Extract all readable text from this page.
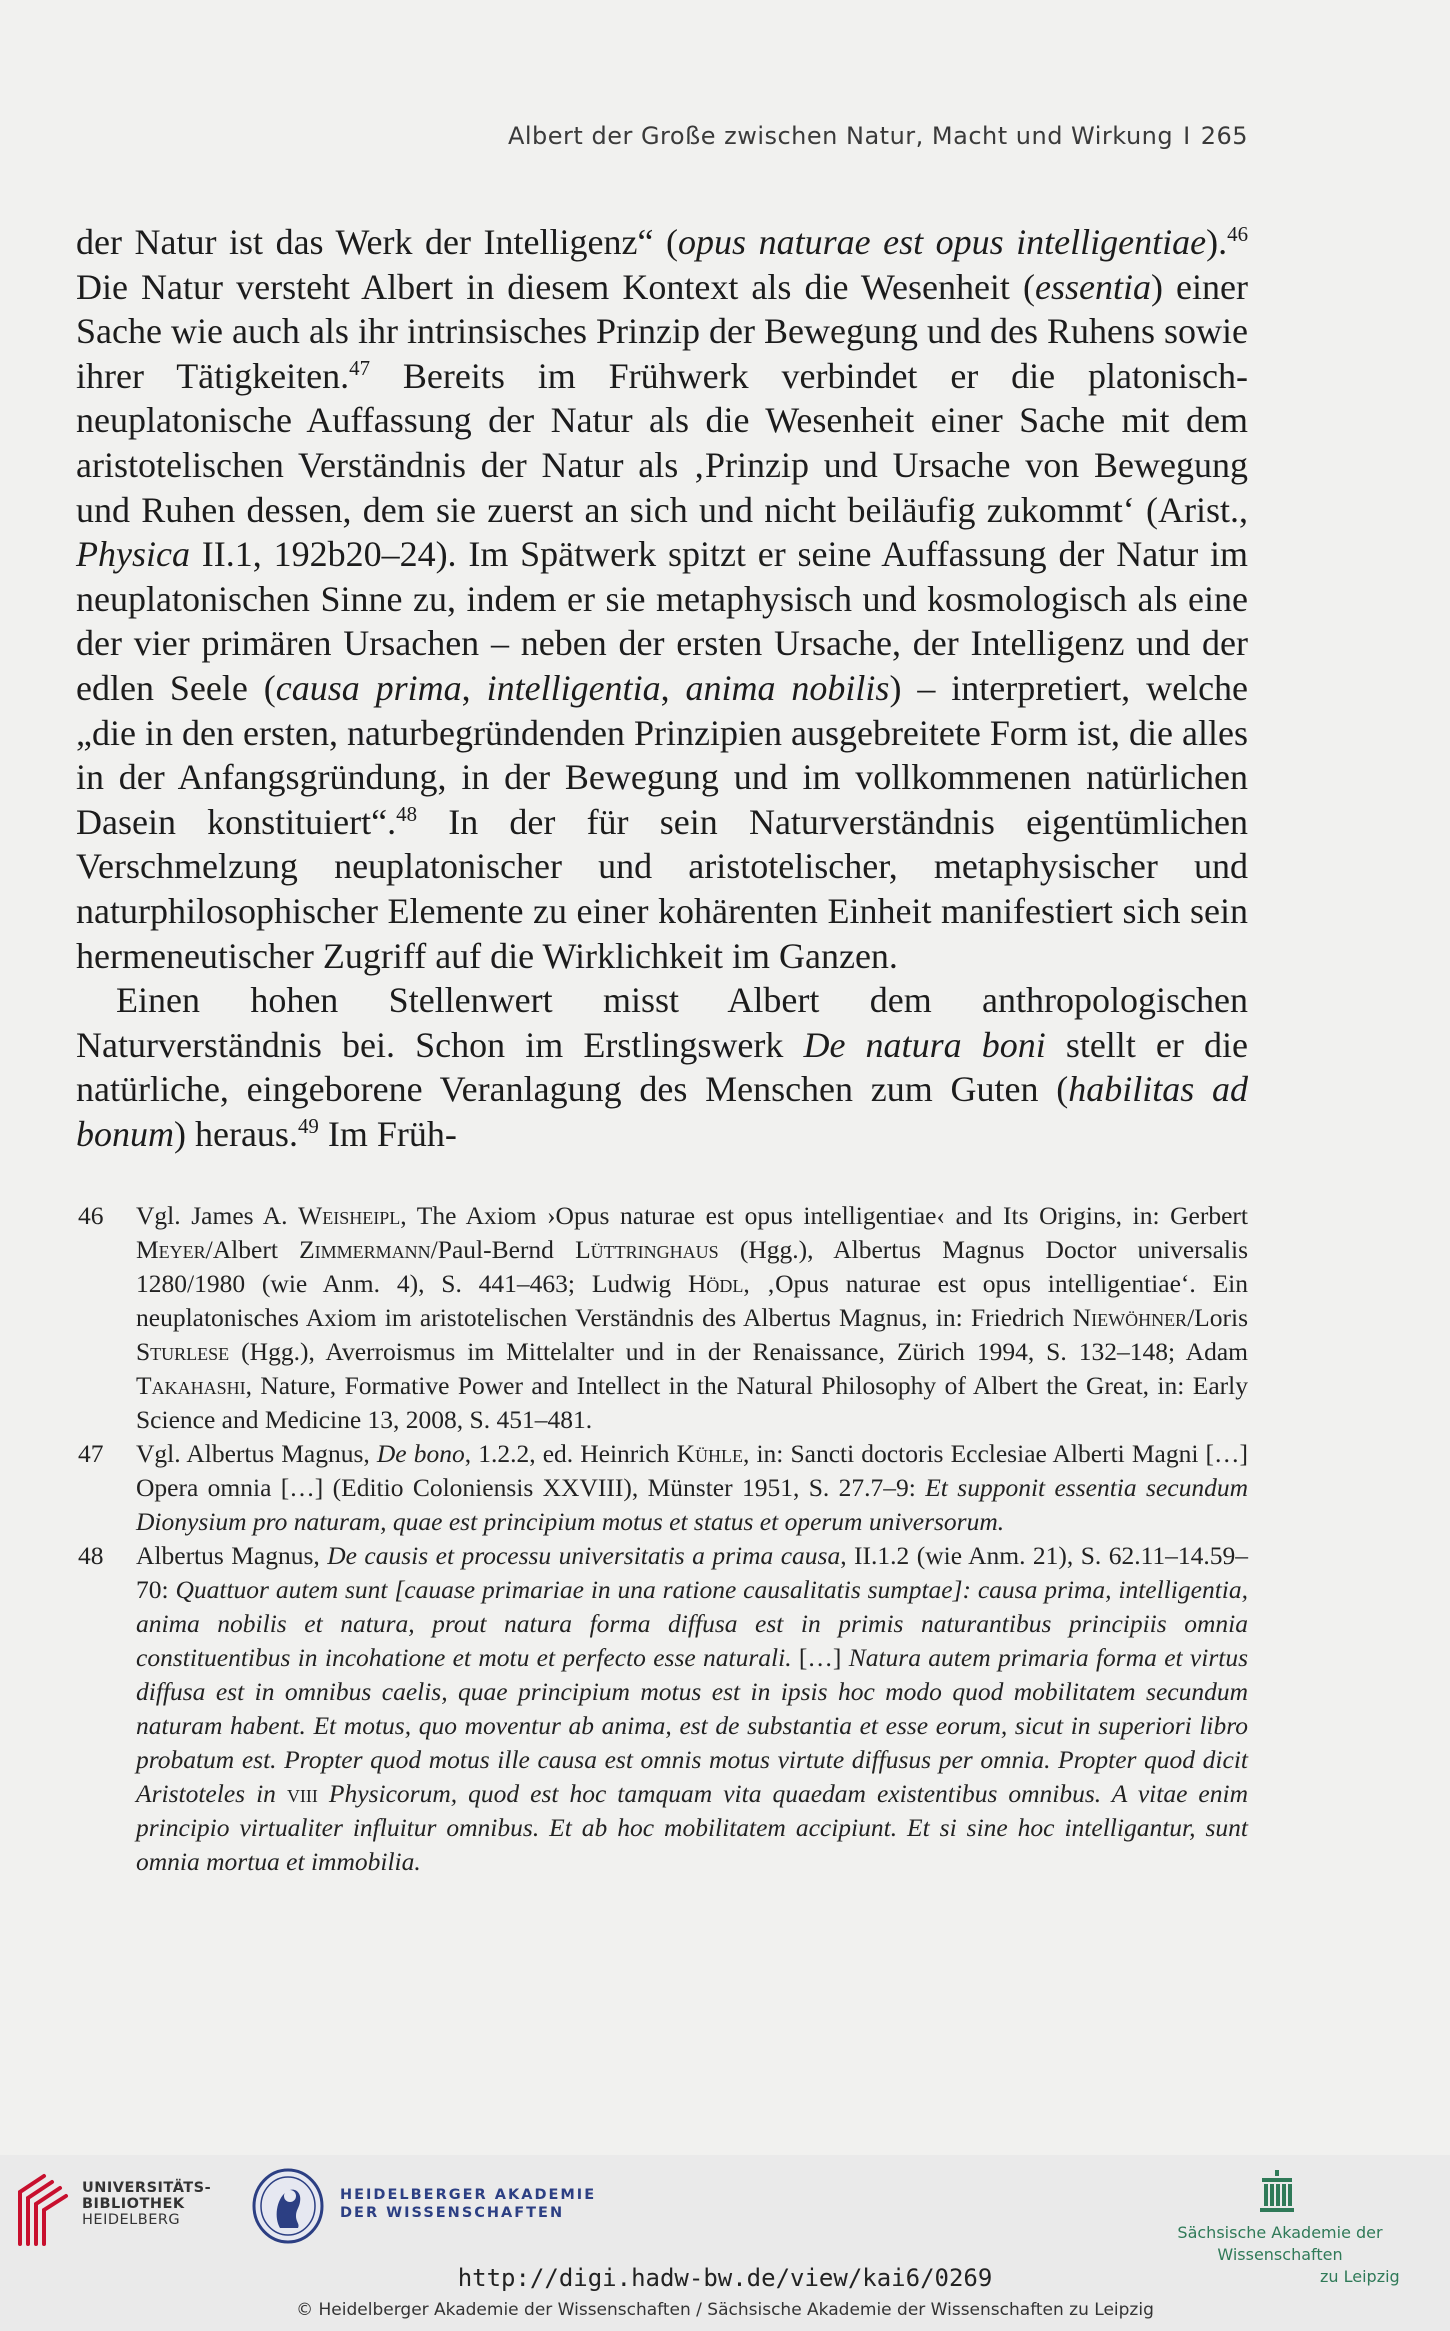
Albert der Große zwischen Natur, Macht und Wirkung I 265

der Natur ist das Werk der Intelligenz“ (opus naturae est opus intelligentiae).$^{46}$ Die Natur versteht Albert in diesem Kontext als die Wesenheit (essentia) einer Sache wie auch als ihr intrinsisches Prinzip der Bewegung und des Ruhens sowie ihrer Tätigkeiten.$^{47}$ Bereits im Frühwerk verbindet er die platonisch-neuplatonische Auffassung der Natur als die Wesenheit einer Sache mit dem aristotelischen Verständnis der Natur als ‚Prinzip und Ursache von Bewegung und Ruhen dessen, dem sie zuerst an sich und nicht beiläufig zukommt‘ (Arist., Physica II.1, 192b20–24). Im Spätwerk spitzt er seine Auffassung der Natur im neuplatonischen Sinne zu, indem er sie metaphysisch und kosmologisch als eine der vier primären Ursachen – neben der ersten Ursache, der Intelligenz und der edlen Seele (causa prima, intelligentia, anima nobilis) – interpretiert, welche „die in den ersten, naturbegründenden Prinzipien ausgebreitete Form ist, die alles in der Anfangsgründung, in der Bewegung und im vollkommenen natürlichen Dasein konstituiert“.$^{48}$ In der für sein Naturverständnis eigentümlichen Verschmelzung neuplatonischer und aristotelischer, metaphysischer und naturphilosophischer Elemente zu einer kohärenten Einheit manifestiert sich sein hermeneutischer Zugriff auf die Wirklichkeit im Ganzen.

Einen hohen Stellenwert misst Albert dem anthropologischen Naturverständnis bei. Schon im Erstlingswerk De natura boni stellt er die natürliche, eingeborene Veranlagung des Menschen zum Guten (habilitas ad bonum) heraus.$^{49}$ Im Früh-

46 Vgl. James A. Weisheipl, The Axiom ›Opus naturae est opus intelligentiae‹ and Its Origins, in: Gerbert Meyer/Albert Zimmermann/Paul-Bernd Lüttringhaus (Hgg.), Albertus Magnus Doctor universalis 1280/1980 (wie Anm. 4), S. 441–463; Ludwig Hödl, ‚Opus naturae est opus intelligentiae‘. Ein neuplatonisches Axiom im aristotelischen Verständnis des Albertus Magnus, in: Friedrich Niewöhner/Loris Sturlese (Hgg.), Averroismus im Mittelalter und in der Renaissance, Zürich 1994, S. 132–148; Adam Takahashi, Nature, Formative Power and Intellect in the Natural Philosophy of Albert the Great, in: Early Science and Medicine 13, 2008, S. 451–481.
47 Vgl. Albertus Magnus, De bono, 1.2.2, ed. Heinrich Kühle, in: Sancti doctoris Ecclesiae Alberti Magni […] Opera omnia […] (Editio Coloniensis XXVIII), Münster 1951, S. 27.7–9: Et supponit essentia secundum Dionysium pro naturam, quae est principium motus et status et operum universorum.
48 Albertus Magnus, De causis et processu universitatis a prima causa, II.1.2 (wie Anm. 21), S. 62.11–14.59–70: Quattuor autem sunt [cauase primariae in una ratione causalitatis sumptae]: causa prima, intelligentia, anima nobilis et natura, prout natura forma diffusa est in primis naturantibus principiis omnia constituentibus in incohatione et motu et perfecto esse naturali. […] Natura autem primaria forma et virtus diffusa est in omnibus caelis, quae principium motus est in ipsis hoc modo quod mobilitatem secundum naturam habent. Et motus, quo moventur ab anima, est de substantia et esse eorum, sicut in superiori libro probatum est. Propter quod motus ille causa est omnis motus virtute diffusus per omnia. Propter quod dicit Aristoteles in viii Physicorum, quod est hoc tamquam vita quaedam existentibus omnibus. A vitae enim principio virtualiter influitur omnibus. Et ab hoc mobilitatem accipiunt. Et si sine hoc intelligantur, sunt omnia mortua et immobilia.
UNIVERSITÄTS-
BIBLIOTHEK
HEIDELBERG
HEIDELBERGER AKADEMIE
DER WISSENSCHAFTEN
Sächsische Akademie der Wissenschaften
zu Leipzig
http://digi.hadw-bw.de/view/kai6/0269
© Heidelberger Akademie der Wissenschaften / Sächsische Akademie der Wissenschaften zu Leipzig
